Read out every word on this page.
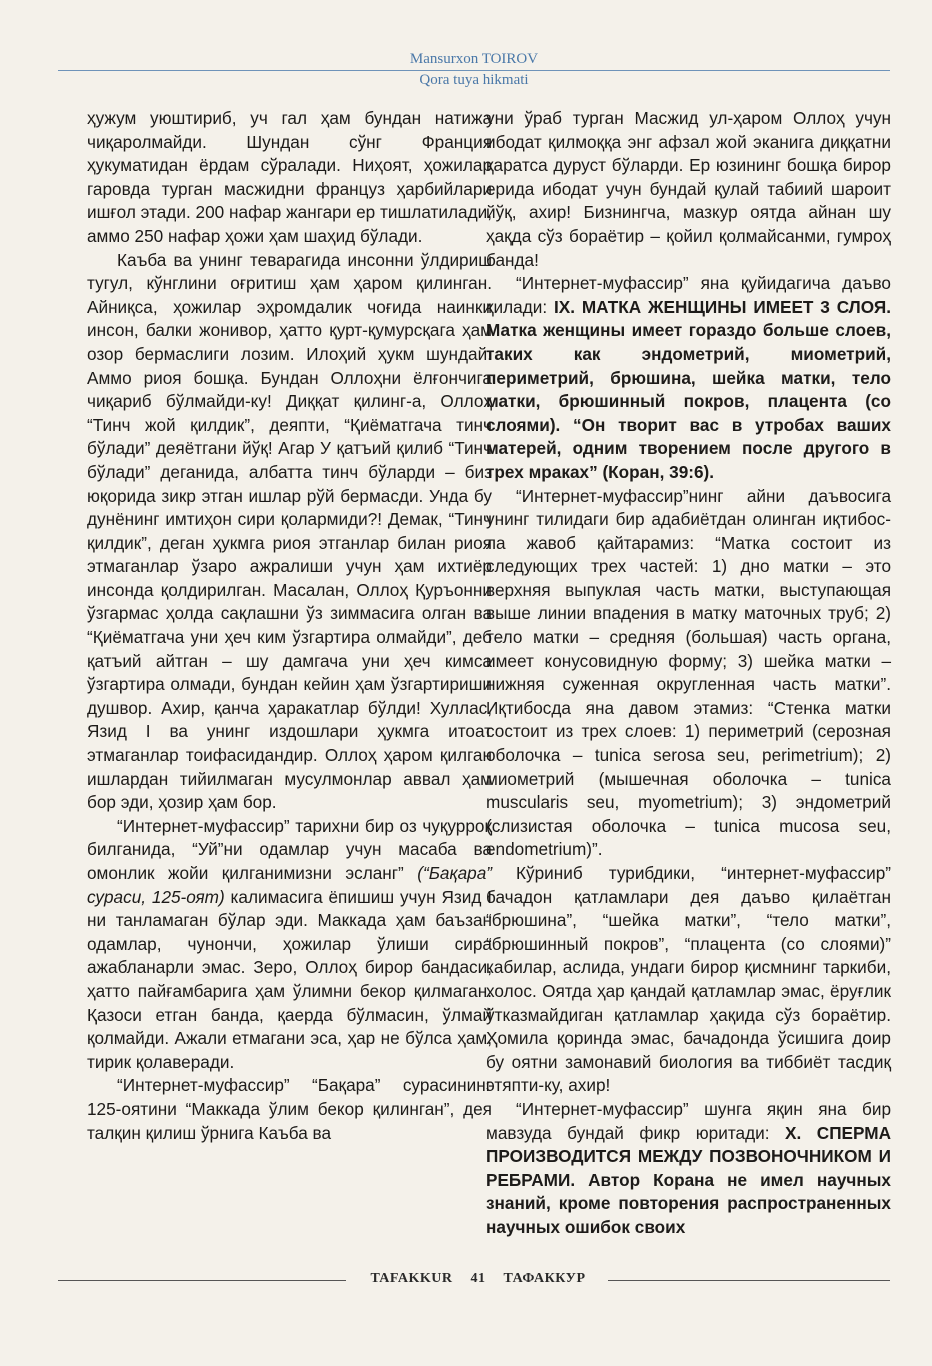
Mansurxon TOIROV
Qora tuya hikmati

ҳужум уюштириб, уч гал ҳам бундан натижа чиқаролмайди. Шундан сўнг Франция ҳукуматидан ёрдам сўралади. Ниҳоят, ҳожилар гаровда турган масжидни француз ҳарбийлари ишғол этади. 200 нафар жангари ер тишлатилади, аммо 250 нафар ҳожи ҳам шаҳид бўлади.

Каъба ва унинг теварагида инсонни ўлдириш тугул, кўнглини оғритиш ҳам ҳаром қилинган. Айниқса, ҳожилар эҳромдалик чоғида наинки инсон, балки жонивор, ҳатто қурт-қумурсқага ҳам озор бермаслиги лозим. Илоҳий ҳукм шундай. Аммо риоя бошқа. Бундан Оллоҳни ёлғончига чиқариб бўлмайди-ку! Диққат қилинг-а, Оллоҳ “Тинч жой қилдик”, деяпти, “Қиёматгача тинч бўлади” деяётгани йўқ! Агар У қатъий қилиб “Тинч бўлади” деганида, албатта тинч бўларди – биз юқорида зикр этган ишлар рўй бермасди. Унда бу дунёнинг имтиҳон сири қолармиди?! Демак, “Тинч қилдик”, деган ҳукмга риоя этганлар билан риоя этмаганлар ўзаро ажралиши учун ҳам ихтиёр инсонда қолдирилган. Масалан, Оллоҳ Қуръонни ўзгармас ҳолда сақлашни ўз зиммасига олган ва “Қиёматгача уни ҳеч ким ўзгартира олмайди”, деб қатъий айтган – шу дамгача уни ҳеч кимса ўзгартира олмади, бундан кейин ҳам ўзгартириши душвор. Ахир, қанча ҳаракатлар бўлди! Хуллас, Язид I ва унинг издошлари ҳукмга итоат этмаганлар тоифасидандир. Оллоҳ ҳаром қилган ишлардан тийилмаган мусулмонлар аввал ҳам бор эди, ҳозир ҳам бор.

“Интернет-муфассир” тарихни бир оз чуқурроқ билганида, “Уй”ни одамлар учун масаба ва омонлик жойи қилганимизни эсланг” (“Бақара” сураси, 125-оят) калимасига ёпишиш учун Язид I ни танламаган бўлар эди. Маккада ҳам баъзан одамлар, чунончи, ҳожилар ўлиши сира ажабланарли эмас. Зеро, Оллоҳ бирор бандаси, ҳатто пайғамбарига ҳам ўлимни бекор қилмаган. Қазоси етган банда, қаерда бўлмасин, ўлмай қолмайди. Ажали етмагани эса, ҳар не бўлса ҳам, тирик қолаверади.

“Интернет-муфассир” “Бақара” сурасининг 125-оятини “Маккада ўлим бекор қилинган”, дея талқин қилиш ўрнига Каъба ва

уни ўраб турган Масжид ул-ҳаром Оллоҳ учун ибодат қилмоққа энг афзал жой эканига диққатни қаратса дуруст бўларди. Ер юзининг бошқа бирор ерида ибодат учун бундай қулай табиий шароит йўқ, ахир! Бизнингча, мазкур оятда айнан шу ҳақда сўз бораётир – қойил қолмайсанми, гумроҳ банда!

“Интернет-муфассир” яна қуйидагича даъво қилади: IX. МАТКА ЖЕНЩИНЫ ИМЕЕТ 3 СЛОЯ. Матка женщины имеет гораздо больше слоев, таких как эндометрий, миометрий, периметрий, брюшина, шейка матки, тело матки, брюшинный покров, плацента (со слоями). “Он творит вас в утробах ваших матерей, одним творением после другого в трех мраках” (Коран, 39:6).

“Интернет-муфассир”нинг айни даъвосига унинг тилидаги бир адабиётдан олинган иқтибос-ла жавоб қайтарамиз: “Матка состоит из следующих трех частей: 1) дно матки – это верхняя выпуклая часть матки, выступающая выше линии впадения в матку маточных труб; 2) тело матки – средняя (большая) часть органа, имеет конусовидную форму; 3) шейка матки – нижняя суженная округленная часть матки”. Иқтибосда яна давом этамиз: “Стенка матки состоит из трех слоев: 1) периметрий (серозная оболочка – tunica serosa seu, perimetrium); 2) миометрий (мышечная оболочка – tunica muscularis seu, myometrium); 3) эндометрий (слизистая оболочка – tunica mucosa seu, endometrium)”.

Кўриниб турибдики, “интернет-муфассир” бачадон қатламлари дея даъво қилаётган “брюшина”, “шейка матки”, “тело матки”, “брюшинный покров”, “плацента (со слоями)” кабилар, аслида, ундаги бирор қисмнинг таркиби, холос. Оятда ҳар қандай қатламлар эмас, ёруғлик ўтказмайдиган қатламлар ҳақида сўз бораётир. Ҳомила қоринда эмас, бачадонда ўсишига доир бу оятни замонавий биология ва тиббиёт тасдиқ этяпти-ку, ахир!

“Интернет-муфассир” шунга яқин яна бир мавзуда бундай фикр юритади: X. СПЕРМА ПРОИЗВОДИТСЯ МЕЖДУ ПОЗВОНОЧНИКОМ И РЕБРАМИ. Автор Корана не имел научных знаний, кроме повторения распространенных научных ошибок своих

TAFAKKUR 41 ТАФАККУР
